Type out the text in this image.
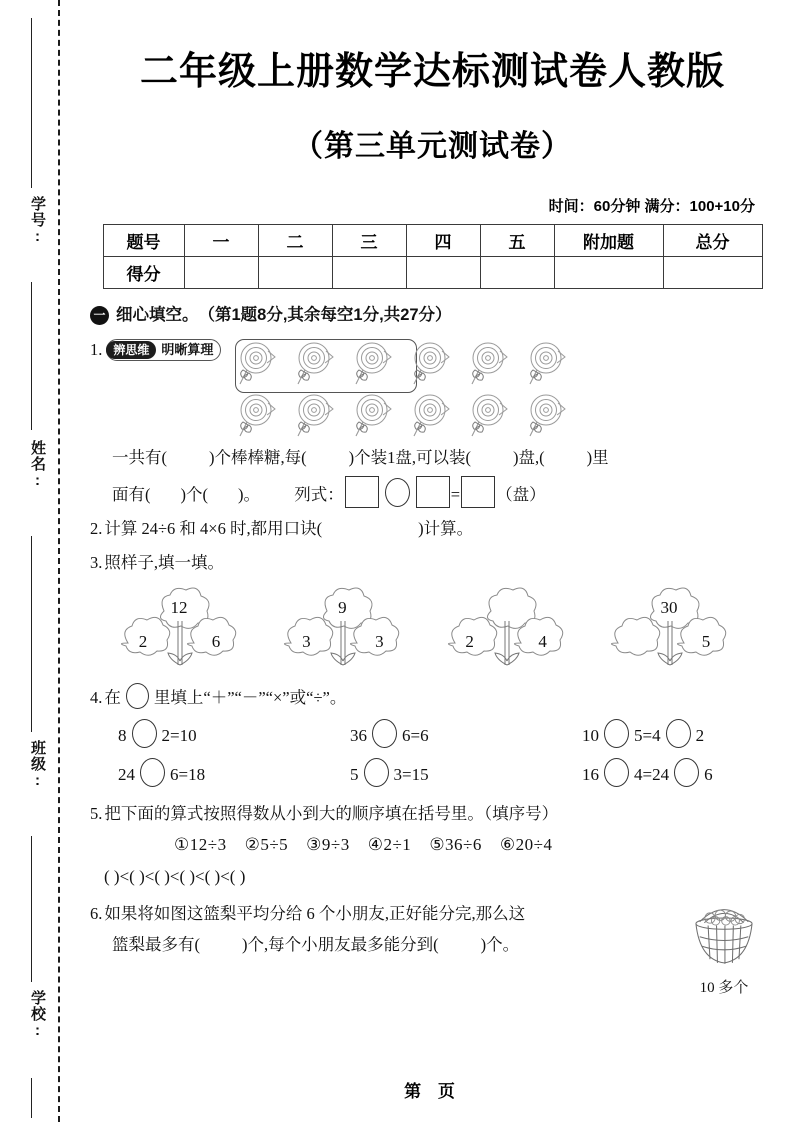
学号:
姓名:
班级:
学校:
二年级上册数学达标测试卷人教版
（第三单元测试卷）
时间：60分钟 满分：100+10分
题号	一	二	三	四	五	附加题	总分
得分							
一 细心填空。 （第1题8分,其余每空1分,共27分）
1. 辨思维 明晰算理
一共有(	)个棒棒糖,每(	)个装1盘,可以装(	)盘,(	)里
面有( )个( )。 列式：	= （盘）
2. 计算 24÷6 和 4×6 时,都用口诀(	)计算。
3. 照样子,填一填。
12
2	6
9
3	3	2	4
30
5
4. 在 里填上“＋”“－”“×”或“÷”。
8 2=10	36 6=6	10 5=4 2
24 6=18	5 3=15	16 4=24 6
5. 把下面的算式按照得数从小到大的顺序填在括号里。（填序号）
①12÷3 ②5÷5 ③9÷3 ④2÷1 ⑤36÷6 ⑥20÷4
( )<( )<( )<( )<( )<( )
6. 如果将如图这篮梨平均分给 6 个小朋友,正好能分完,那么这
篮梨最多有(	)个,每个小朋友最多能分到(	)个。
10 多个
第 页
